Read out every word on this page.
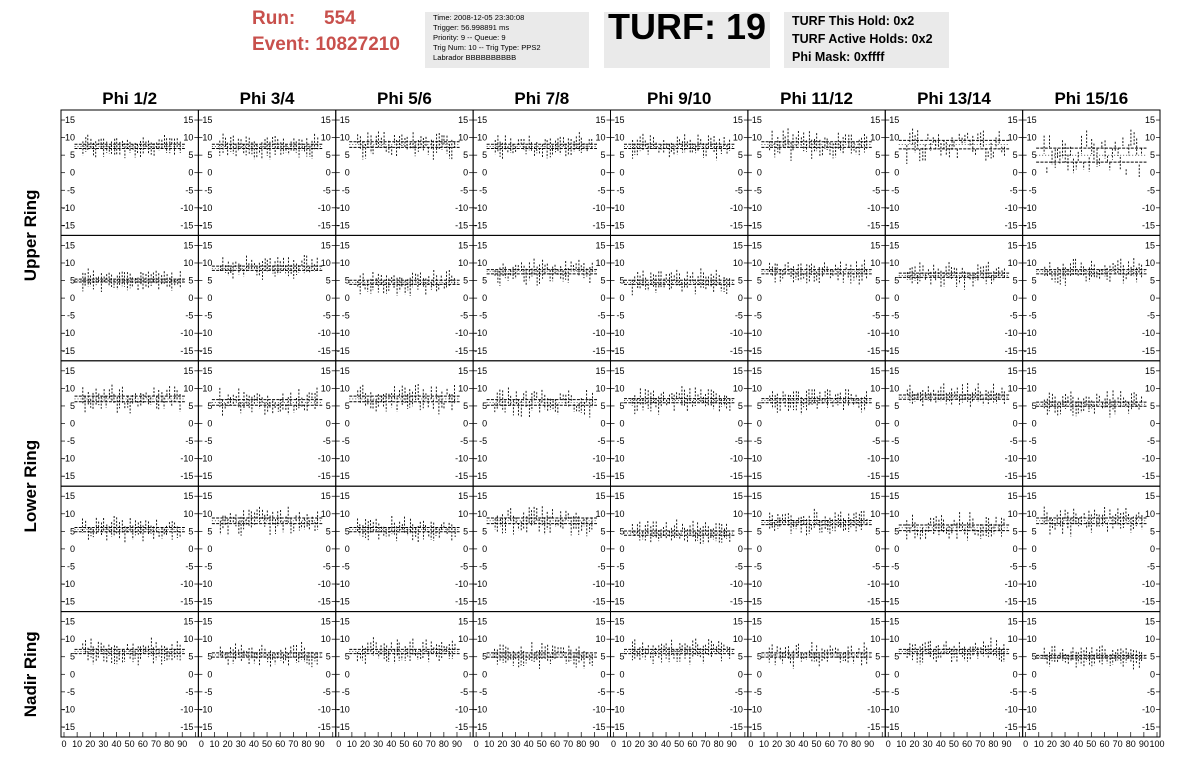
Run: 554
Event: 10827210
Time: 2008-12-05 23:30:08
Trigger: 56.998891 ms
Priority: 9 -- Queue: 9
Trig Num: 10 -- Trig Type: PPS2
Labrador BBBBBBBBBB
TURF: 19	TURF This Hold: 0x2
TURF Active Holds: 0x2
Phi Mask: 0xffff
Phi 1/2	Phi 3/4	Phi 5/6	Phi 7/8	Phi 9/10	Phi 11/12	Phi 13/14	Phi 15/16
Upper Ring
Lower Ring
Nadir Ring
-15	-15
-10	-10
-5	-5
0	0
5	5
10	10
15	15
-15	-15
-10	-10
-5	-5
0	0
5	5
10	10
15	15
-15	-15
-10	-10
-5	-5
0	0
5	5
10	10
15	15
-15	-15
-10	-10
-5	-5
0	0
5	5
10	10
15	15
-15	-15
-10	-10
-5	-5
0	0
5	5
10	10
15	15
-15	-15
-10	-10
-5	-5
0	0
5	5
10	10
15	15
-15	-15
-10	-10
-5	-5
0	0
5	5
10	10
15	15
-15	-15
-10	-10
-5	-5
0	0
5	5
10	10
15	15
-15	-15
-10	-10
-5	-5
0	0
5	5
10	10
15	15
-15	-15
-10	-10
-5	-5
0	0
5	5
10	10
15	15
-15	-15
-10	-10
-5	-5
0	0
5	5
10	10
15	15
-15	-15
-10	-10
-5	-5
0	0
5	5
10	10
15	15
-15	-15
-10	-10
-5	-5
0	0
5	5
10	10
15	15
-15	-15
-10	-10
-5	-5
0	0
5	5
10	10
15	15
-15	-15
-10	-10
-5	-5
0	0
5	5
10	10
15	15
-15	-15
-10	-10
-5	-5
0	0
5	5
10	10
15	15
-15	-15
-10	-10
-5	-5
0	0
5	5
10	10
15	15
-15	-15
-10	-10
-5	-5
0	0
5	5
10	10
15	15
-15	-15
-10	-10
-5	-5
0	0
5	5
10	10
15	15
-15	-15
-10	-10
-5	-5
0	0
5	5
10	10
15	15
-15	-15
-10	-10
-5	-5
0	0
5	5
10	10
15	15
-15	-15
-10	-10
-5	-5
0	0
5	5
10	10
15	15
-15	-15
-10	-10
-5	-5
0	0
5	5
10	10
15	15
-15	-15
-10	-10
-5	-5
0	0
5	5
10	10
15	15
-15	-15
-10	-10
-5	-5
0	0
5	5
10	10
15	15
-15	-15
-10	-10
-5	-5
0	0
5	5
10	10
15	15
-15	-15
-10	-10
-5	-5
0	0
5	5
10	10
15	15
-15	-15
-10	-10
-5	-5
0	0
5	5
10	10
15	15
-15	-15
-10	-10
-5	-5
0	0
5	5
10	10
15	15
-15	-15
-10	-10
-5	-5
0	0
5	5
10	10
15	15
-15	-15
-10	-10
-5	-5
0	0
5	5
10	10
15	15
-15	-15
-10	-10
-5	-5
0	0
5	5
10	10
15	15
-15	-15
-10	-10
-5	-5
0	0
5	5
10	10
15	15
0 10 20 30 40 50 60 70 80 90
-15	-15
-10	-10
-5	-5
0	0
5	5
10	10
15	15
0 10 20 30 40 50 60 70 80 90
-15	-15
-10	-10
-5	-5
0	0
5	5
10	10
15	15
0 10 20 30 40 50 60 70 80 90
-15	-15
-10	-10
-5	-5
0	0
5	5
10	10
15	15
0 10 20 30 40 50 60 70 80 90
-15	-15
-10	-10
-5	-5
0	0
5	5
10	10
15	15
0 10 20 30 40 50 60 70 80 90
-15	-15
-10	-10
-5	-5
0	0
5	5
10	10
15	15
0 10 20 30 40 50 60 70 80 90
-15	-15
-10	-10
-5	-5
0	0
5	5
10	10
15	15
0 10 20 30 40 50 60 70 80 90
-15	-15
-10	-10
-5	-5
0	0
5	5
10	10
15	15
0 10 20 30 40 50 60 70 80 90 100
